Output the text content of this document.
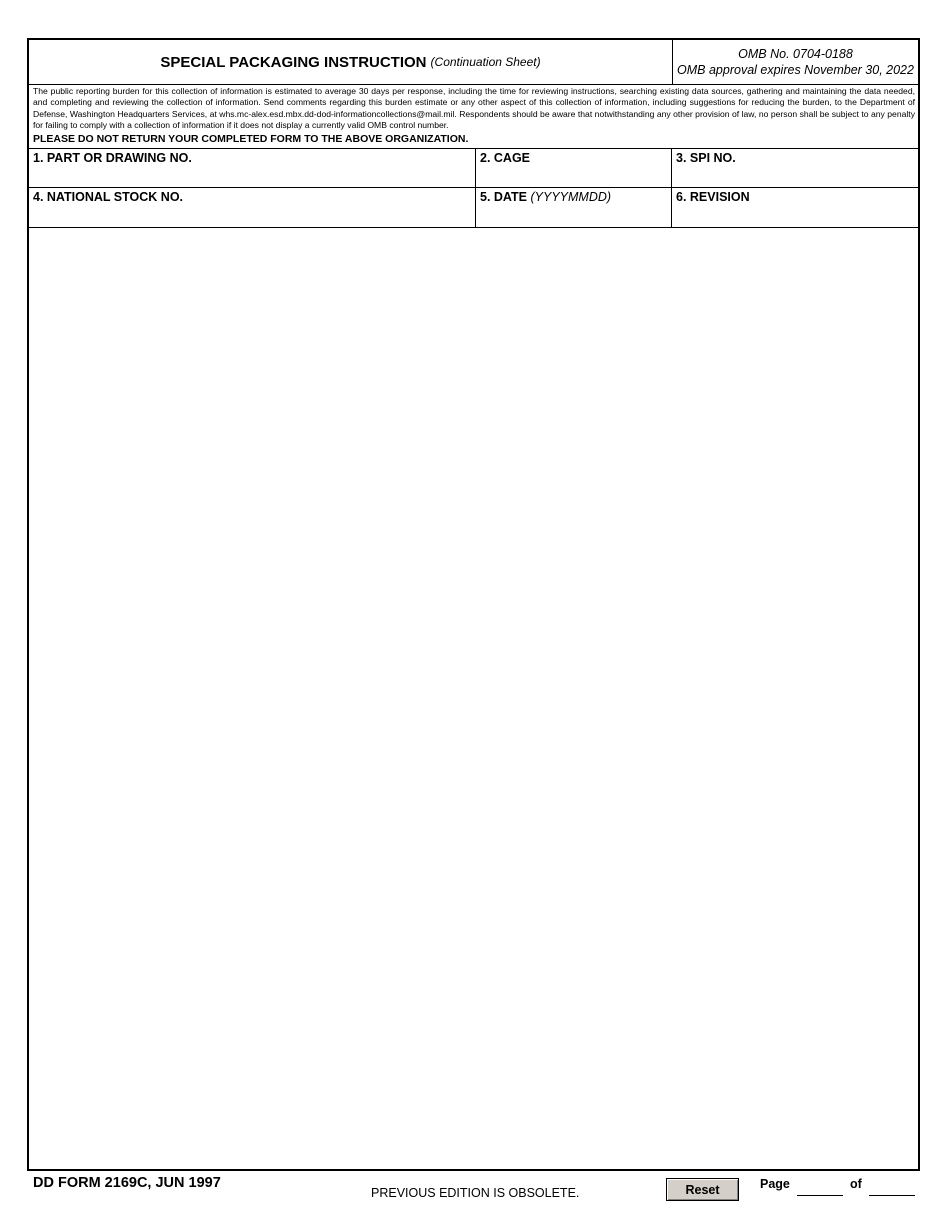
SPECIAL PACKAGING INSTRUCTION (Continuation Sheet)
OMB No. 0704-0188
OMB approval expires November 30, 2022
The public reporting burden for this collection of information is estimated to average 30 days per response, including the time for reviewing instructions, searching existing data sources, gathering and maintaining the data needed, and completing and reviewing the collection of information. Send comments regarding this burden estimate or any other aspect of this collection of information, including suggestions for reducing the burden, to the Department of Defense, Washington Headquarters Services, at whs.mc-alex.esd.mbx.dd-dod-informationcollections@mail.mil. Respondents should be aware that notwithstanding any other provision of law, no person shall be subject to any penalty for failing to comply with a collection of information if it does not display a currently valid OMB control number.
PLEASE DO NOT RETURN YOUR COMPLETED FORM TO THE ABOVE ORGANIZATION.
1. PART OR DRAWING NO.	2. CAGE	3. SPI NO.
4. NATIONAL STOCK NO.	5. DATE (YYYYMMDD)	6. REVISION
DD FORM 2169C, JUN 1997
PREVIOUS EDITION IS OBSOLETE.	Reset	Page	of
